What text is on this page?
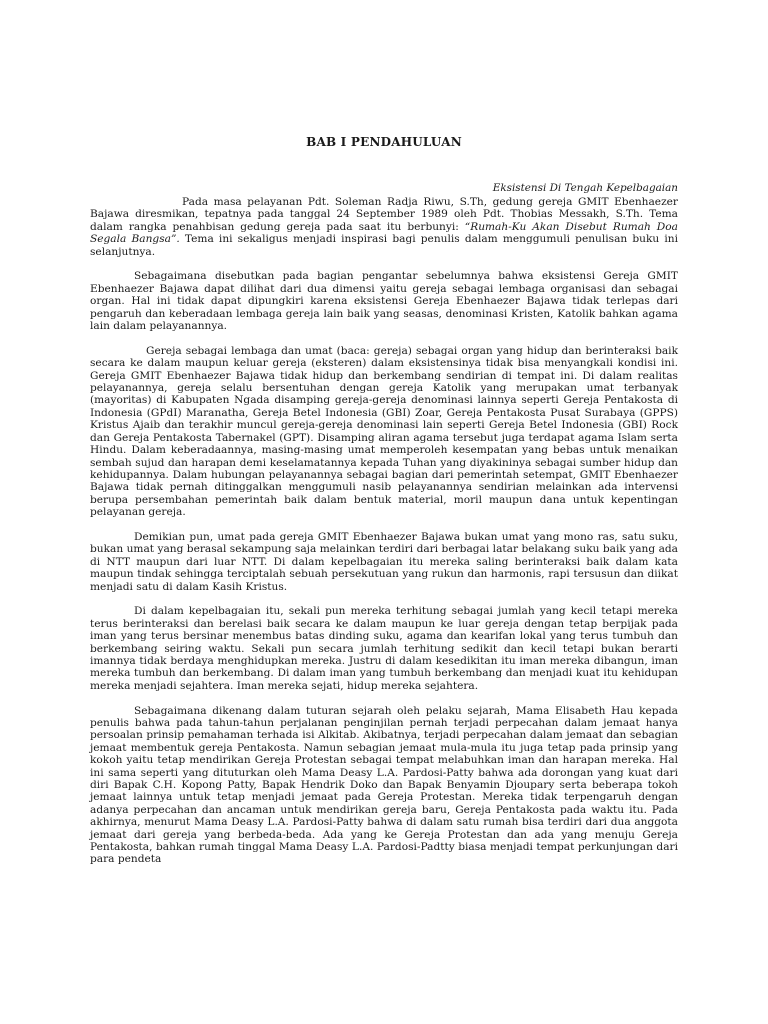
BAB I PENDAHULUAN
Eksistensi Di Tengah Kepelbagaian

Pada masa pelayanan Pdt. Soleman Radja Riwu, S.Th, gedung gereja GMIT Ebenhaezer Bajawa diresmikan, tepatnya pada tanggal 24 September 1989 oleh Pdt. Thobias Messakh, S.Th. Tema dalam rangka penahbisan gedung gereja pada saat itu berbunyi: “Rumah-Ku Akan Disebut Rumah Doa Segala Bangsa”. Tema ini sekaligus menjadi inspirasi bagi penulis dalam menggumuli penulisan buku ini selanjutnya.

Sebagaimana disebutkan pada bagian pengantar sebelumnya bahwa eksistensi Gereja GMIT Ebenhaezer Bajawa dapat dilihat dari dua dimensi yaitu gereja sebagai lembaga organisasi dan sebagai organ. Hal ini tidak dapat dipungkiri karena eksistensi Gereja Ebenhaezer Bajawa tidak terlepas dari pengaruh dan keberadaan lembaga gereja lain baik yang seasas, denominasi Kristen, Katolik bahkan agama lain dalam pelayanannya.

Gereja sebagai lembaga dan umat (baca: gereja) sebagai organ yang hidup dan berinteraksi baik secara ke dalam maupun keluar gereja (eksteren) dalam eksistensinya tidak bisa menyangkali kondisi ini. Gereja GMIT Ebenhaezer Bajawa tidak hidup dan berkembang sendirian di tempat ini. Di dalam realitas pelayanannya, gereja selalu bersentuhan dengan gereja Katolik yang merupakan umat terbanyak (mayoritas) di Kabupaten Ngada disamping gereja-gereja denominasi lainnya seperti Gereja Pentakosta di Indonesia (GPdI) Maranatha, Gereja Betel Indonesia (GBI) Zoar, Gereja Pentakosta Pusat Surabaya (GPPS) Kristus Ajaib dan terakhir muncul gereja-gereja denominasi lain seperti Gereja Betel Indonesia (GBI) Rock dan Gereja Pentakosta Tabernakel (GPT). Disamping aliran agama tersebut juga terdapat agama Islam serta Hindu. Dalam keberadaannya, masing-masing umat memperoleh kesempatan yang bebas untuk menaikan sembah sujud dan harapan demi keselamatannya kepada Tuhan yang diyakininya sebagai sumber hidup dan kehidupannya. Dalam hubungan pelayanannya sebagai bagian dari pemerintah setempat, GMIT Ebenhaezer Bajawa tidak pernah ditinggalkan menggumuli nasib pelayanannya sendirian melainkan ada intervensi berupa persembahan pemerintah baik dalam bentuk material, moril maupun dana untuk kepentingan pelayanan gereja.

Demikian pun, umat pada gereja GMIT Ebenhaezer Bajawa bukan umat yang mono ras, satu suku, bukan umat yang berasal sekampung saja melainkan terdiri dari berbagai latar belakang suku baik yang ada di NTT maupun dari luar NTT. Di dalam kepelbagaian itu mereka saling berinteraksi baik dalam kata maupun tindak sehingga terciptalah sebuah persekutuan yang rukun dan harmonis, rapi tersusun dan diikat menjadi satu di dalam Kasih Kristus.

Di dalam kepelbagaian itu, sekali pun mereka terhitung sebagai jumlah yang kecil tetapi mereka terus berinteraksi dan berelasi baik secara ke dalam maupun ke luar gereja dengan tetap berpijak pada iman yang terus bersinar menembus batas dinding suku, agama dan kearifan lokal yang terus tumbuh dan berkembang seiring waktu. Sekali pun secara jumlah terhitung sedikit dan kecil tetapi bukan berarti imannya tidak berdaya menghidupkan mereka. Justru di dalam kesedikitan itu iman mereka dibangun, iman mereka tumbuh dan berkembang. Di dalam iman yang tumbuh berkembang dan menjadi kuat itu kehidupan mereka menjadi sejahtera. Iman mereka sejati, hidup mereka sejahtera.

Sebagaimana dikenang dalam tuturan sejarah oleh pelaku sejarah, Mama Elisabeth Hau kepada penulis bahwa pada tahun-tahun perjalanan penginjilan pernah terjadi perpecahan dalam jemaat hanya persoalan prinsip pemahaman terhada isi Alkitab. Akibatnya, terjadi perpecahan dalam jemaat dan sebagian jemaat membentuk gereja Pentakosta. Namun sebagian jemaat mula-mula itu juga tetap pada prinsip yang kokoh yaitu tetap mendirikan Gereja Protestan sebagai tempat melabuhkan iman dan harapan mereka. Hal ini sama seperti yang dituturkan oleh Mama Deasy L.A. Pardosi-Patty bahwa ada dorongan yang kuat dari diri Bapak C.H. Kopong Patty, Bapak Hendrik Doko dan Bapak Benyamin Djoupary serta beberapa tokoh jemaat lainnya untuk tetap menjadi jemaat pada Gereja Protestan. Mereka tidak terpengaruh dengan adanya perpecahan dan ancaman untuk mendirikan gereja baru, Gereja Pentakosta pada waktu itu. Pada akhirnya, menurut Mama Deasy L.A. Pardosi-Patty bahwa di dalam satu rumah bisa terdiri dari dua anggota jemaat dari gereja yang berbeda-beda. Ada yang ke Gereja Protestan dan ada yang menuju Gereja Pentakosta, bahkan rumah tinggal Mama Deasy L.A. Pardosi-Padtty biasa menjadi tempat perkunjungan dari para pendeta
